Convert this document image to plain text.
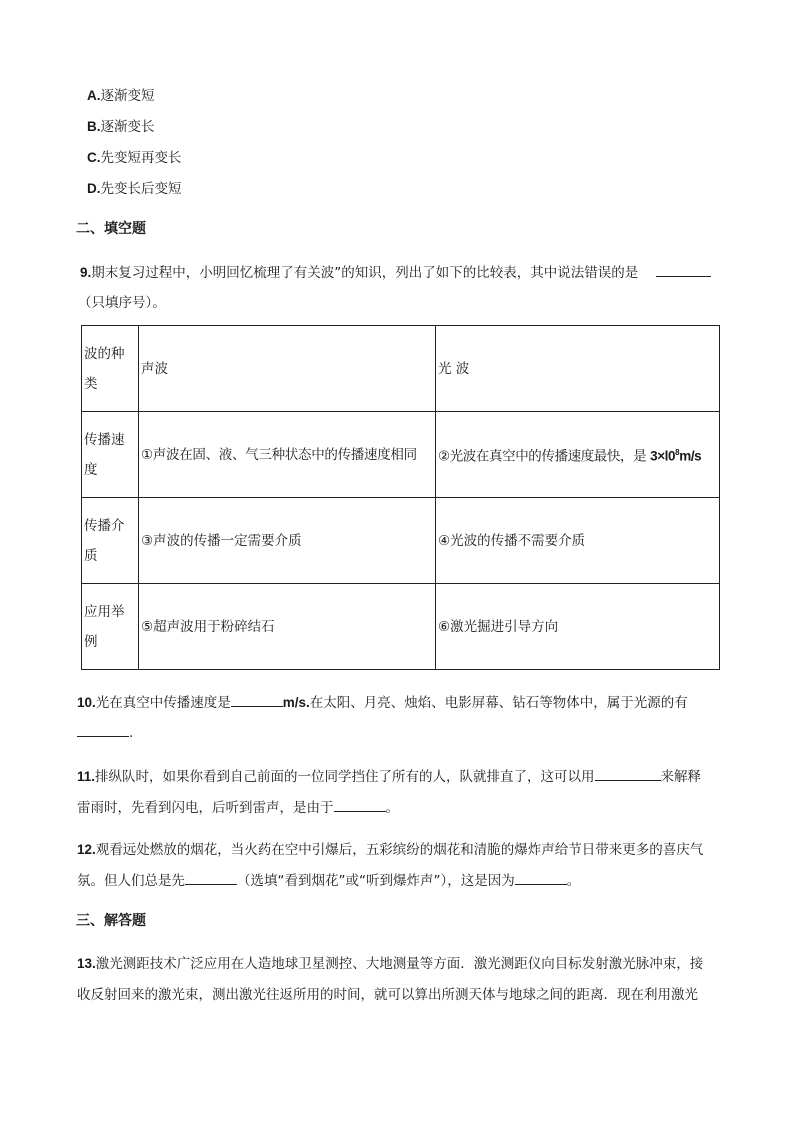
A.逐渐变短
B.逐渐变长
C.先变短再变长
D.先变长后变短
二、填空题
9.期末复习过程中，小明回忆梳理了有关波”的知识，列出了如下的比较表，其中说法错误的是
（只填序号）。
波的种类	声波	光 波
传播速度	①声波在固、液、气三种状态中的传播速度相同	②光波在真空中的传播速度最快，是 $3\times l0^8m/s$
传播介质	③声波的传播一定需要介质	④光波的传播不需要介质
应用举例	⑤超声波用于粉碎结石	⑥激光掘进引导方向
10.光在真空中传播速度是	m/s.在太阳、月亮、烛焰、电影屏幕、钻石等物体中，属于光源的有
.
11.排纵队时，如果你看到自己前面的一位同学挡住了所有的人，队就排直了，这可以用	来解释
雷雨时，先看到闪电，后听到雷声，是由于	。
12.观看远处燃放的烟花，当火药在空中引爆后，五彩缤纷的烟花和清脆的爆炸声给节日带来更多的喜庆气
氛。但人们总是先	（选填“看到烟花”或“听到爆炸声”），这是因为	。
三、解答题
13.激光测距技术广泛应用在人造地球卫星测控、大地测量等方面．激光测距仪向目标发射激光脉冲束，接
收反射回来的激光束，测出激光往返所用的时间，就可以算出所测天体与地球之间的距离．现在利用激光
